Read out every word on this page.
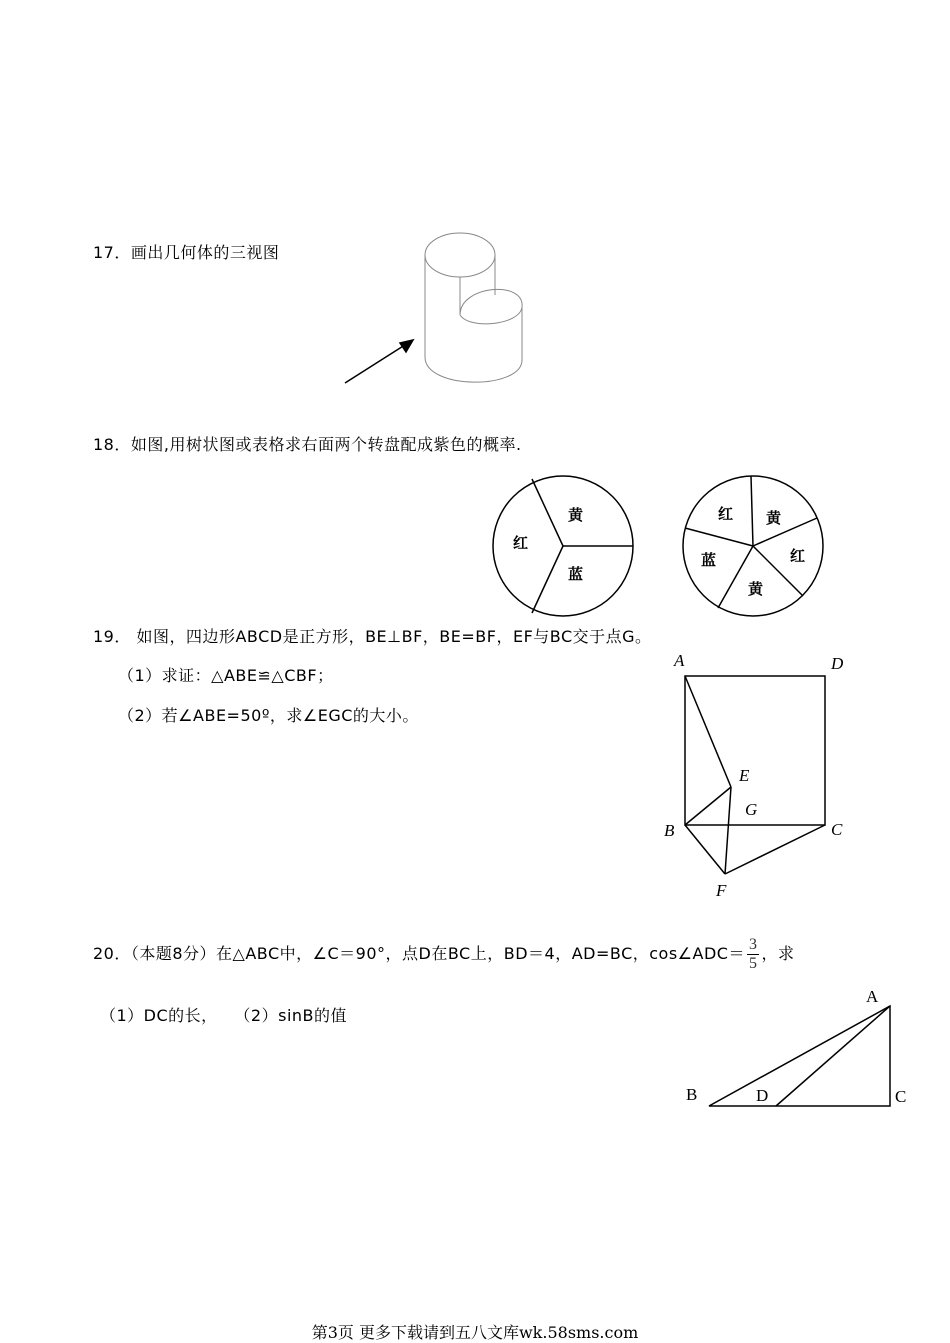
17．画出几何体的三视图
18．如图,用树状图或表格求右面两个转盘配成紫色的概率.
黄
红
蓝
红 黄
红
黄
蓝
19． 如图，四边形ABCD是正方形，BE⊥BF，BE=BF，EF与BC交于点G。
（1）求证：△ABE≌△CBF；
（2）若∠ABE=50º，求∠EGC的大小。
A	D
E
G
B	C
F
20．（本题8分）在△ABC中，∠C＝90°，点D在BC上，BD＝4，AD=BC，cos∠ADC＝ $\frac{3}{5}$ ，求
（1）DC的长，   （2）sinB的值
A
B	D	C
第3页 更多下载请到五八文库wk.58sms.com
